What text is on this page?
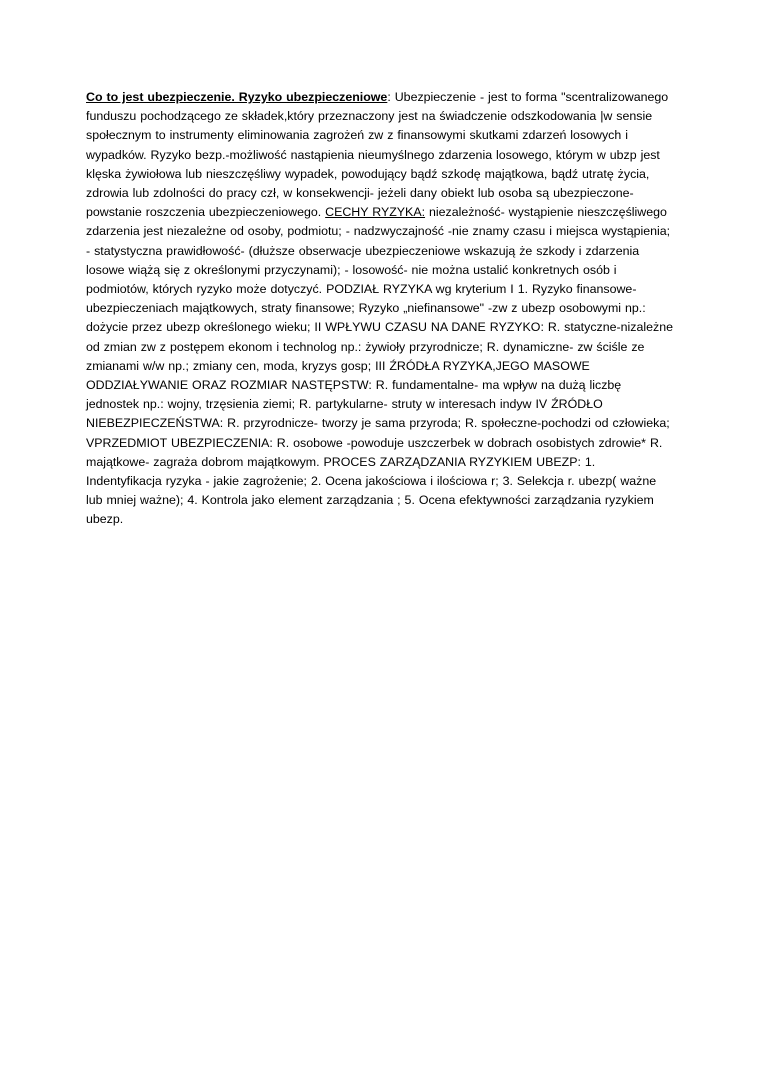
Co to jest ubezpieczenie. Ryzyko ubezpieczeniowe: Ubezpieczenie - jest to forma "scentralizowanego funduszu pochodzącego ze składek,który przeznaczony jest na świadczenie odszkodowania |w sensie społecznym to instrumenty eliminowania zagrożeń zw z finansowymi skutkami zdarzeń losowych i wypadków. Ryzyko bezp.-możliwość nastąpienia nieumyślnego zdarzenia losowego, którym w ubzp jest klęska żywiołowa lub nieszczęśliwy wypadek, powodujący bądź szkodę majątkowa, bądź utratę życia, zdrowia lub zdolności do pracy czł, w konsekwencji- jeżeli dany obiekt lub osoba są ubezpieczone-powstanie roszczenia ubezpieczeniowego. CECHY RYZYKA: niezależność- wystąpienie nieszczęśliwego zdarzenia jest niezależne od osoby, podmiotu; - nadzwyczajność -nie znamy czasu i miejsca wystąpienia; - statystyczna prawidłowość- (dłuższe obserwacje ubezpieczeniowe wskazują że szkody i zdarzenia losowe wiążą się z określonymi przyczynami); - losowość- nie można ustalić konkretnych osób i podmiotów, których ryzyko może dotyczyć. PODZIAŁ RYZYKA wg kryterium I 1. Ryzyko finansowe- ubezpieczeniach majątkowych, straty finansowe; Ryzyko „niefinansowe" -zw z ubezp osobowymi np.: dożycie przez ubezp określonego wieku; II WPŁYWU CZASU NA DANE RYZYKO: R. statyczne-nizależne od zmian zw z postępem ekonom i technolog np.: żywioły przyrodnicze; R. dynamiczne- zw ściśle ze zmianami w/w np.; zmiany cen, moda, kryzys gosp; III ŹRÓDŁA RYZYKA,JEGO MASOWE ODDZIAŁYWANIE ORAZ ROZMIAR NASTĘPSTW: R. fundamentalne- ma wpływ na dużą liczbę jednostek np.: wojny, trzęsienia ziemi; R. partykularne- struty w interesach indyw IV ŹRÓDŁO NIEBEZPIECZEŃSTWA: R. przyrodnicze- tworzy je sama przyroda; R. społeczne-pochodzi od człowieka; VPRZEDMIOT UBEZPIECZENIA: R. osobowe -powoduje uszczerbek w dobrach osobistych zdrowie* R. majątkowe- zagraża dobrom majątkowym. PROCES ZARZĄDZANIA RYZYKIEM UBEZP: 1. Indentyfikacja ryzyka - jakie zagrożenie; 2. Ocena jakościowa i ilościowa r; 3. Selekcja r. ubezp( ważne lub mniej ważne); 4. Kontrola jako element zarządzania ; 5. Ocena efektywności zarządzania ryzykiem ubezp.
